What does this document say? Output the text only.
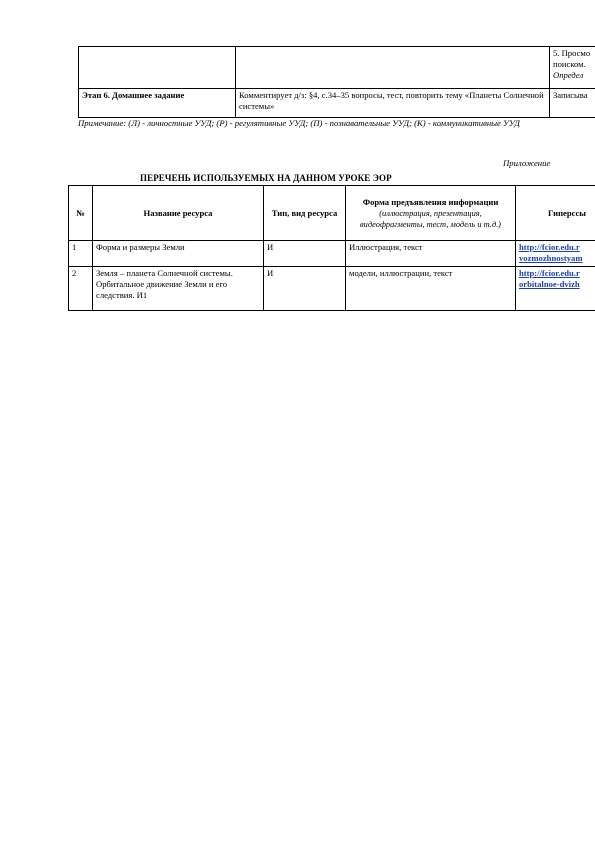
		5. Просмо
поиском.
Определ

Этап 6. Домашнее задание	Комментирует д/з: §4, с.34–35 вопросы, тест, повторить тему «Планеты Солнечной системы»	Записыва
Примечание: (Л) - личностные УУД; (Р) - регулятивные УУД; (П) - познавательные УУД; (К) - коммуникативные УУД
Приложение
ПЕРЕЧЕНЬ ИСПОЛЬЗУЕМЫХ НА ДАННОМ УРОКЕ ЭОР
№	Название ресурса	Тип, вид ресурса	Форма предъявления информации (иллюстрация, презентация, видеофрагменты, тест, модель и т.д.)	Гиперссы
1	Форма и размеры Земли	И	Иллюстрация, текст	http://fcior.edu.r
vozmozhnostyam

2	Земля – планета Солнечной системы. Орбитальное движение Земли и его следствия. И1	И	модели, иллюстрации, текст	http://fcior.edu.r
orbitalnoe-dvizh
